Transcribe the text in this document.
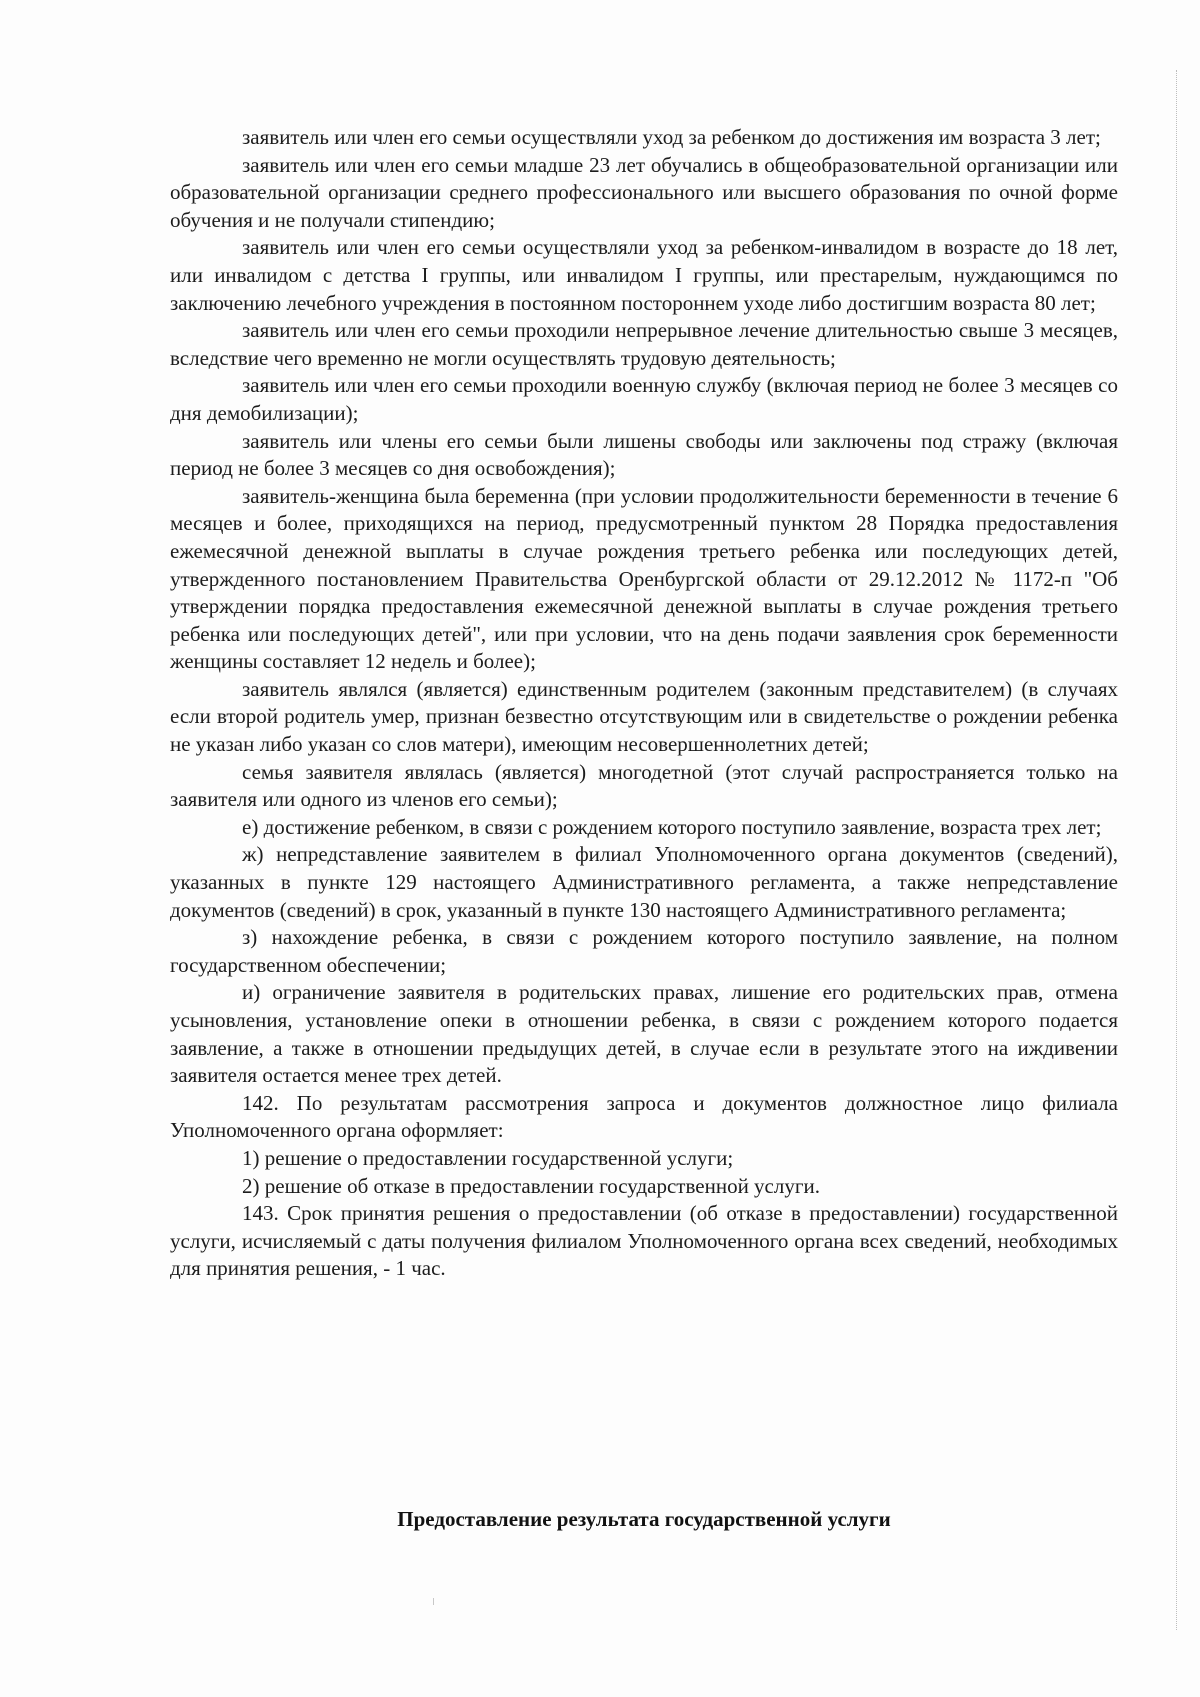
заявитель или член его семьи осуществляли уход за ребенком до достижения им возраста 3 лет;

заявитель или член его семьи младше 23 лет обучались в общеобразовательной организации или образовательной организации среднего профессионального или высшего образования по очной форме обучения и не получали стипендию;

заявитель или член его семьи осуществляли уход за ребенком-инвалидом в возрасте до 18 лет, или инвалидом с детства I группы, или инвалидом I группы, или престарелым, нуждающимся по заключению лечебного учреждения в постоянном постороннем уходе либо достигшим возраста 80 лет;

заявитель или член его семьи проходили непрерывное лечение длительностью свыше 3 месяцев, вследствие чего временно не могли осуществлять трудовую деятельность;

заявитель или член его семьи проходили военную службу (включая период не более 3 месяцев со дня демобилизации);

заявитель или члены его семьи были лишены свободы или заключены под стражу (включая период не более 3 месяцев со дня освобождения);

заявитель-женщина была беременна (при условии продолжительности беременности в течение 6 месяцев и более, приходящихся на период, предусмотренный пунктом 28 Порядка предоставления ежемесячной денежной выплаты в случае рождения третьего ребенка или последующих детей, утвержденного постановлением Правительства Оренбургской области от 29.12.2012 № 1172-п "Об утверждении порядка предоставления ежемесячной денежной выплаты в случае рождения третьего ребенка или последующих детей", или при условии, что на день подачи заявления срок беременности женщины составляет 12 недель и более);

заявитель являлся (является) единственным родителем (законным представителем) (в случаях если второй родитель умер, признан безвестно отсутствующим или в свидетельстве о рождении ребенка не указан либо указан со слов матери), имеющим несовершеннолетних детей;

семья заявителя являлась (является) многодетной (этот случай распространяется только на заявителя или одного из членов его семьи);

е) достижение ребенком, в связи с рождением которого поступило заявление, возраста трех лет;

ж) непредставление заявителем в филиал Уполномоченного органа документов (сведений), указанных в пункте 129 настоящего Административного регламента, а также непредставление документов (сведений) в срок, указанный в пункте 130 настоящего Административного регламента;

з) нахождение ребенка, в связи с рождением которого поступило заявление, на полном государственном обеспечении;

и) ограничение заявителя в родительских правах, лишение его родительских прав, отмена усыновления, установление опеки в отношении ребенка, в связи с рождением которого подается заявление, а также в отношении предыдущих детей, в случае если в результате этого на иждивении заявителя остается менее трех детей.

142. По результатам рассмотрения запроса и документов должностное лицо филиала Уполномоченного органа оформляет:

1) решение о предоставлении государственной услуги;

2) решение об отказе в предоставлении государственной услуги.

143. Срок принятия решения о предоставлении (об отказе в предоставлении) государственной услуги, исчисляемый с даты получения филиалом Уполномоченного органа всех сведений, необходимых для принятия решения, - 1 час.

Предоставление результата государственной услуги
